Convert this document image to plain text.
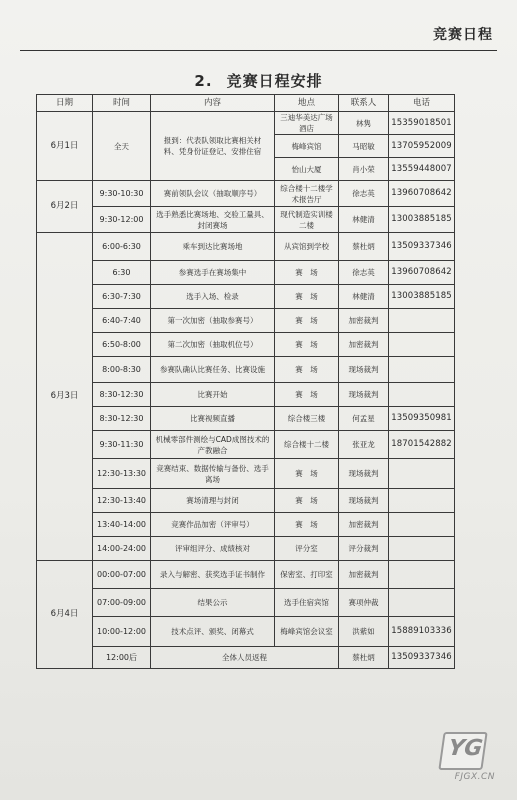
竞赛日程
2. 竞赛日程安排
日期	时间	内容	地点	联系人	电话
6月1日	全天	报到：代表队领取比赛相关材料、凭身份证登记、安排住宿	三迪华美达广场酒店	林隽	15359018501
			梅峰宾馆	马昭敏	13705952009
			怡山大厦	肖小荣	13559448007
6月2日	9:30-10:30	赛前领队会议（抽取顺序号）	综合楼十二楼学术报告厅	徐志英	13960708642
	9:30-12:00	选手熟悉比赛场地、交验工量具、封闭赛场	现代制造实训楼二楼	林健清	13003885185
6月3日	6:00-6:30	乘车到达比赛场地	从宾馆到学校	蔡杜炳	13509337346
	6:30	参赛选手在赛场集中	赛　场	徐志英	13960708642
	6:30-7:30	选手入场、检录	赛　场	林健清	13003885185
	6:40-7:40	第一次加密（抽取参赛号）	赛　场	加密裁判	
	6:50-8:00	第二次加密（抽取机位号）	赛　场	加密裁判	
	8:00-8:30	参赛队确认比赛任务、比赛设施	赛　场	现场裁判	
	8:30-12:30	比赛开始	赛　场	现场裁判	
	8:30-12:30	比赛视频直播	综合楼三楼	何孟星	13509350981
	9:30-11:30	机械零部件测绘与CAD成图技术的产教融合	综合楼十二楼	张亚龙	18701542882
	12:30-13:30	竞赛结束、数据传输与备份、选手离场	赛　场	现场裁判	
	12:30-13:40	赛场清理与封闭	赛　场	现场裁判	
	13:40-14:00	竞赛作品加密（评审号）	赛　场	加密裁判	
	14:00-24:00	评审组评分、成绩核对	评分室	评分裁判	
6月4日	00:00-07:00	录入与解密、获奖选手证书制作	保密室、打印室	加密裁判	
	07:00-09:00	结果公示	选手住宿宾馆	赛项仲裁	
	10:00-12:00	技术点评、颁奖、闭幕式	梅峰宾馆会议室	洪紫如	15889103336
	12:00后	全体人员返程		蔡杜炳	13509337346
YG
FJGX.CN
